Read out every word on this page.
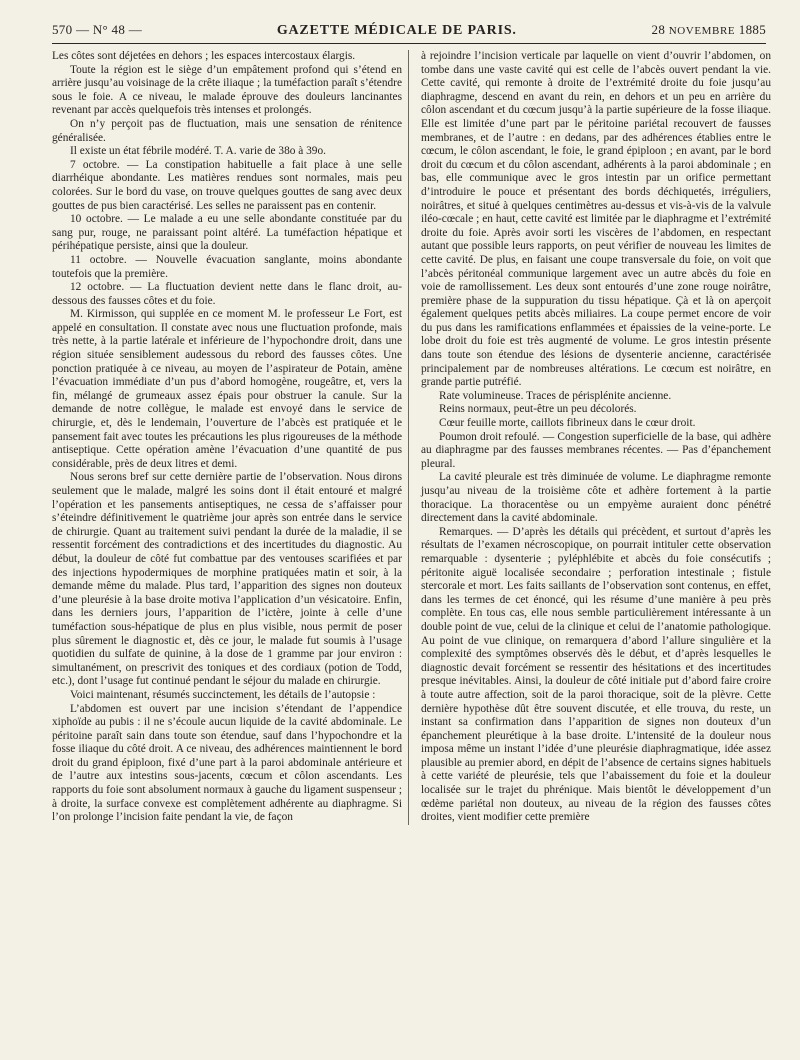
570 — N° 48 —	GAZETTE MÉDICALE DE PARIS.	28 NOVEMBRE 1885

Les côtes sont déjetées en dehors ; les espaces intercostaux élargis.

Toute la région est le siège d’un empâtement profond qui s’étend en arrière jusqu’au voisinage de la crête iliaque ; la tuméfaction paraît s’étendre sous le foie. A ce niveau, le malade éprouve des douleurs lancinantes revenant par accès quelquefois très intenses et prolongés.

On n’y perçoit pas de fluctuation, mais une sensation de rénitence généralisée.

Il existe un état fébrile modéré. T. A. varie de 38o à 39o.

7 octobre. — La constipation habituelle a fait place à une selle diarrhéique abondante. Les matières rendues sont normales, mais peu colorées. Sur le bord du vase, on trouve quelques gouttes de sang avec deux gouttes de pus bien caractérisé. Les selles ne paraissent pas en contenir.

10 octobre. — Le malade a eu une selle abondante constituée par du sang pur, rouge, ne paraissant point altéré. La tuméfaction hépatique et périhépatique persiste, ainsi que la douleur.

11 octobre. — Nouvelle évacuation sanglante, moins abondante toutefois que la première.

12 octobre. — La fluctuation devient nette dans le flanc droit, au-dessous des fausses côtes et du foie.

M. Kirmisson, qui supplée en ce moment M. le professeur Le Fort, est appelé en consultation. Il constate avec nous une fluctuation profonde, mais très nette, à la partie latérale et inférieure de l’hypochondre droit, dans une région située sensiblement audessous du rebord des fausses côtes. Une ponction pratiquée à ce niveau, au moyen de l’aspirateur de Potain, amène l’évacuation immédiate d’un pus d’abord homogène, rougeâtre, et, vers la fin, mélangé de grumeaux assez épais pour obstruer la canule. Sur la demande de notre collègue, le malade est envoyé dans le service de chirurgie, et, dès le lendemain, l’ouverture de l’abcès est pratiquée et le pansement fait avec toutes les précautions les plus rigoureuses de la méthode antiseptique. Cette opération amène l’évacuation d’une quantité de pus considérable, près de deux litres et demi.

Nous serons bref sur cette dernière partie de l’observation. Nous dirons seulement que le malade, malgré les soins dont il était entouré et malgré l’opération et les pansements antiseptiques, ne cessa de s’affaisser pour s’éteindre définitivement le quatrième jour après son entrée dans le service de chirurgie. Quant au traitement suivi pendant la durée de la maladie, il se ressentit forcément des contradictions et des incertitudes du diagnostic. Au début, la douleur de côté fut combattue par des ventouses scarifiées et par des injections hypodermiques de morphine pratiquées matin et soir, à la demande même du malade. Plus tard, l’apparition des signes non douteux d’une pleurésie à la base droite motiva l’application d’un vésicatoire. Enfin, dans les derniers jours, l’apparition de l’ictère, jointe à celle d’une tuméfaction sous-hépatique de plus en plus visible, nous permit de poser plus sûrement le diagnostic et, dès ce jour, le malade fut soumis à l’usage quotidien du sulfate de quinine, à la dose de 1 gramme par jour environ : simultanément, on prescrivit des toniques et des cordiaux (potion de Todd, etc.), dont l’usage fut continué pendant le séjour du malade en chirurgie.

Voici maintenant, résumés succinctement, les détails de l’autopsie :

L’abdomen est ouvert par une incision s’étendant de l’appendice xiphoïde au pubis : il ne s’écoule aucun liquide de la cavité abdominale. Le péritoine paraît sain dans toute son étendue, sauf dans l’hypochondre et la fosse iliaque du côté droit. A ce niveau, des adhérences maintiennent le bord droit du grand épiploon, fixé d’une part à la paroi abdominale antérieure et de l’autre aux intestins sous-jacents, cœcum et côlon ascendants. Les rapports du foie sont absolument normaux à gauche du ligament suspenseur ; à droite, la surface convexe est complètement adhérente au diaphragme. Si l’on prolonge l’incision faite pendant la vie, de façon

à rejoindre l’incision verticale par laquelle on vient d’ouvrir l’abdomen, on tombe dans une vaste cavité qui est celle de l’abcès ouvert pendant la vie. Cette cavité, qui remonte à droite de l’extrémité droite du foie jusqu’au diaphragme, descend en avant du rein, en dehors et un peu en arrière du côlon ascendant et du cœcum jusqu’à la partie supérieure de la fosse iliaque. Elle est limitée d’une part par le péritoine pariétal recouvert de fausses membranes, et de l’autre : en dedans, par des adhérences établies entre le cœcum, le côlon ascendant, le foie, le grand épiploon ; en avant, par le bord droit du cœcum et du côlon ascendant, adhérents à la paroi abdominale ; en bas, elle communique avec le gros intestin par un orifice permettant d’introduire le pouce et présentant des bords déchiquetés, irréguliers, noirâtres, et situé à quelques centimètres au-dessus et vis-à-vis de la valvule iléo-cœcale ; en haut, cette cavité est limitée par le diaphragme et l’extrémité droite du foie. Après avoir sorti les viscères de l’abdomen, en respectant autant que possible leurs rapports, on peut vérifier de nouveau les limites de cette cavité. De plus, en faisant une coupe transversale du foie, on voit que l’abcès péritonéal communique largement avec un autre abcès du foie en voie de ramollissement. Les deux sont entourés d’une zone rouge noirâtre, première phase de la suppuration du tissu hépatique. Çà et là on aperçoit également quelques petits abcès miliaires. La coupe permet encore de voir du pus dans les ramifications enflammées et épaissies de la veine-porte. Le lobe droit du foie est très augmenté de volume. Le gros intestin présente dans toute son étendue des lésions de dysenterie ancienne, caractérisée principalement par de nombreuses altérations. Le cœcum est noirâtre, en grande partie putréfié.

Rate volumineuse. Traces de périsplénite ancienne.

Reins normaux, peut-être un peu décolorés.

Cœur feuille morte, caillots fibrineux dans le cœur droit.

Poumon droit refoulé. — Congestion superficielle de la base, qui adhère au diaphragme par des fausses membranes récentes. — Pas d’épanchement pleural.

La cavité pleurale est très diminuée de volume. Le diaphragme remonte jusqu’au niveau de la troisième côte et adhère fortement à la partie thoracique. La thoracentèse ou un empyème auraient donc pénétré directement dans la cavité abdominale.

Remarques. — D’après les détails qui précèdent, et surtout d’après les résultats de l’examen nécroscopique, on pourrait intituler cette observation remarquable : dysenterie ; pyléphlébite et abcès du foie consécutifs ; péritonite aiguë localisée secondaire ; perforation intestinale ; fistule stercorale et mort. Les faits saillants de l’observation sont contenus, en effet, dans les termes de cet énoncé, qui les résume d’une manière à peu près complète. En tous cas, elle nous semble particulièrement intéressante à un double point de vue, celui de la clinique et celui de l’anatomie pathologique. Au point de vue clinique, on remarquera d’abord l’allure singulière et la complexité des symptômes observés dès le début, et d’après lesquelles le diagnostic devait forcément se ressentir des hésitations et des incertitudes presque inévitables. Ainsi, la douleur de côté initiale put d’abord faire croire à toute autre affection, soit de la paroi thoracique, soit de la plèvre. Cette dernière hypothèse dût être souvent discutée, et elle trouva, du reste, un instant sa confirmation dans l’apparition de signes non douteux d’un épanchement pleurétique à la base droite. L’intensité de la douleur nous imposa même un instant l’idée d’une pleurésie diaphragmatique, idée assez plausible au premier abord, en dépit de l’absence de certains signes habituels à cette variété de pleurésie, tels que l’abaissement du foie et la douleur localisée sur le trajet du phrénique. Mais bientôt le développement d’un œdème pariétal non douteux, au niveau de la région des fausses côtes droites, vient modifier cette première
